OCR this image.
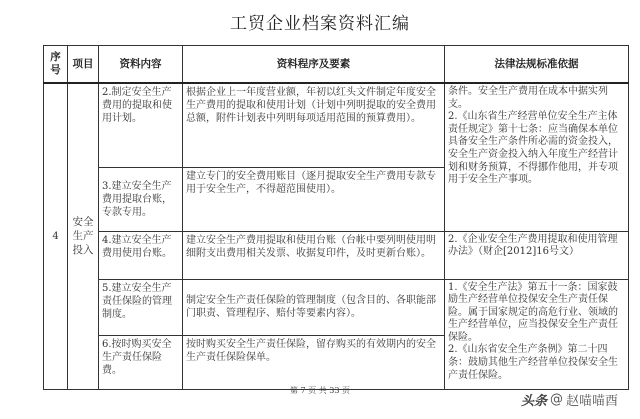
工贸企业档案资料汇编
序号	项目	资料内容	资料程序及要素	法律法规标准依据
4	安全生产投入	2.制定安全生产费用的提取和使用计划。	根据企业上一年度营业额，年初以红头文件制定年度安全生产费用的提取和使用计划（计划中列明提取的安全费用总额，附件计划表中列明每项适用范围的预算费用）。	条件。安全生产费用在成本中据实列支。
2.《山东省生产经营单位安全生产主体责任规定》第十七条：应当确保本单位具备安全生产条件所必需的资金投入，安全生产资金投入纳入年度生产经营计划和财务预算，不得挪作他用，并专项用于安全生产事项。
		3.建立安全生产费用提取台账，专款专用。	建立专门的安全费用账目（逐月提取安全生产费用专款专用于安全生产，不得超范围使用）。	
		4.建立安全生产费用使用台账。	建立安全生产费用提取和使用台账（台帐中要列明使用明细附支出费用相关发票、收据复印件，及时更新台账）。	2.《企业安全生产费用提取和使用管理办法》（财企[2012]16号文）
		5.建立安全生产责任保险的管理制度。	制定安全生产责任保险的管理制度（包含目的、各职能部门职责、管理程序、赔付等要素内容）。	1.《安全生产法》第五十一条：国家鼓励生产经营单位投保安全生产责任保险。属于国家规定的高危行业、领域的生产经营单位，应当投保安全生产责任保险。
2.《山东省安全生产条例》第二十四条：鼓励其他生产经营单位投保安全生产责任保险。
		6.按时购买安全生产责任保险费。	按时购买安全生产责任保险，留存购买的有效期内的安全生产责任保险保单。	
第 7 页 共 33 页
头条 @ 赵喵喵酉
